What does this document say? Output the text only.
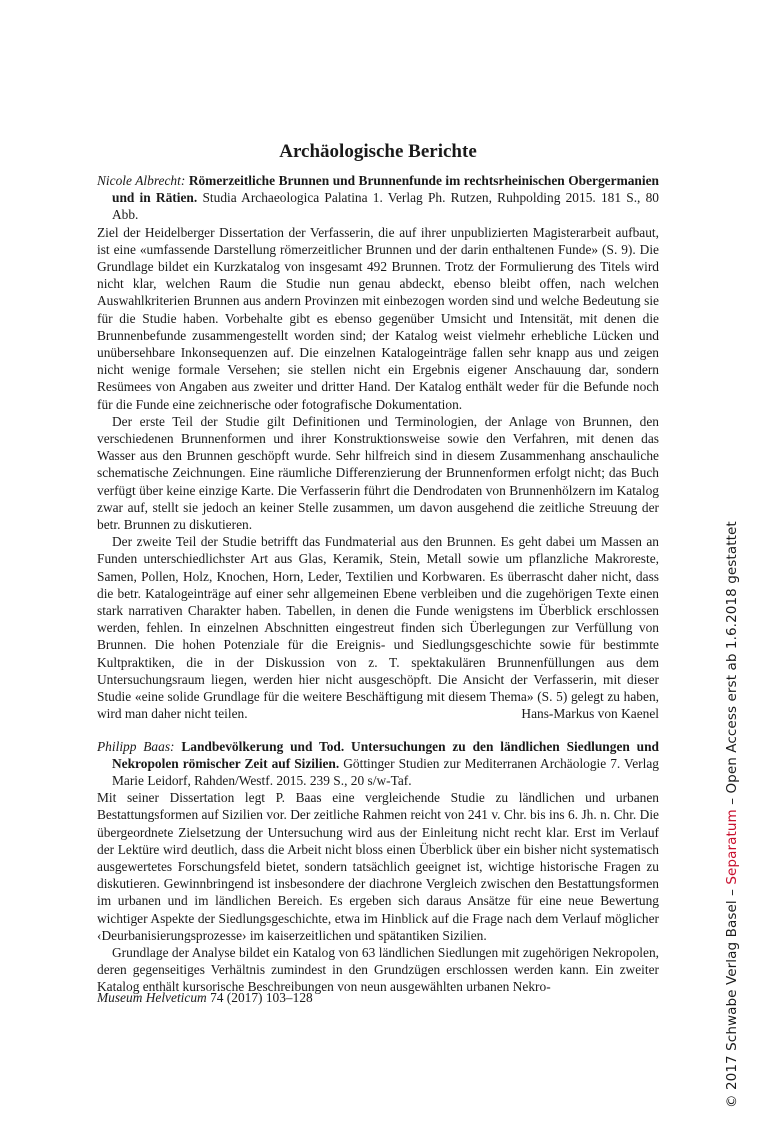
Archäologische Berichte

Nicole Albrecht: Römerzeitliche Brunnen und Brunnenfunde im rechtsrheinischen Obergermanien und in Rätien. Studia Archaeologica Palatina 1. Verlag Ph. Rutzen, Ruhpolding 2015. 181 S., 80 Abb.

Ziel der Heidelberger Dissertation der Verfasserin, die auf ihrer unpublizierten Magisterarbeit aufbaut, ist eine «umfassende Darstellung römerzeitlicher Brunnen und der darin enthaltenen Funde» (S. 9). Die Grundlage bildet ein Kurzkatalog von insgesamt 492 Brunnen. Trotz der Formulierung des Titels wird nicht klar, welchen Raum die Studie nun genau abdeckt, ebenso bleibt offen, nach welchen Auswahlkriterien Brunnen aus andern Provinzen mit einbezogen worden sind und welche Bedeutung sie für die Studie haben. Vorbehalte gibt es ebenso gegenüber Umsicht und Intensität, mit denen die Brunnenbefunde zusammengestellt worden sind; der Katalog weist vielmehr erhebliche Lücken und unübersehbare Inkonsequenzen auf. Die einzelnen Katalogeinträge fallen sehr knapp aus und zeigen nicht wenige formale Versehen; sie stellen nicht ein Ergebnis eigener Anschauung dar, sondern Resümees von Angaben aus zweiter und dritter Hand. Der Katalog enthält weder für die Befunde noch für die Funde eine zeichnerische oder fotografische Dokumentation.

Der erste Teil der Studie gilt Definitionen und Terminologien, der Anlage von Brunnen, den verschiedenen Brunnenformen und ihrer Konstruktionsweise sowie den Verfahren, mit denen das Wasser aus den Brunnen geschöpft wurde. Sehr hilfreich sind in diesem Zusammenhang anschauliche schematische Zeichnungen. Eine räumliche Differenzierung der Brunnenformen erfolgt nicht; das Buch verfügt über keine einzige Karte. Die Verfasserin führt die Dendrodaten von Brunnenhölzern im Katalog zwar auf, stellt sie jedoch an keiner Stelle zusammen, um davon ausgehend die zeitliche Streuung der betr. Brunnen zu diskutieren.

Der zweite Teil der Studie betrifft das Fundmaterial aus den Brunnen. Es geht dabei um Massen an Funden unterschiedlichster Art aus Glas, Keramik, Stein, Metall sowie um pflanzliche Makroreste, Samen, Pollen, Holz, Knochen, Horn, Leder, Textilien und Korbwaren. Es überrascht daher nicht, dass die betr. Katalogeinträge auf einer sehr allgemeinen Ebene verbleiben und die zugehörigen Texte einen stark narrativen Charakter haben. Tabellen, in denen die Funde wenigstens im Überblick erschlossen werden, fehlen. In einzelnen Abschnitten eingestreut finden sich Überlegungen zur Verfüllung von Brunnen. Die hohen Potenziale für die Ereignis- und Siedlungsgeschichte sowie für bestimmte Kultpraktiken, die in der Diskussion von z. T. spektakulären Brunnenfüllungen aus dem Untersuchungsraum liegen, werden hier nicht ausgeschöpft. Die Ansicht der Verfasserin, mit dieser Studie «eine solide Grundlage für die weitere Beschäftigung mit diesem Thema» (S. 5) gelegt zu haben, wird man daher nicht teilen.	Hans-Markus von Kaenel

Philipp Baas: Landbevölkerung und Tod. Untersuchungen zu den ländlichen Siedlungen und Nekropolen römischer Zeit auf Sizilien. Göttinger Studien zur Mediterranen Archäologie 7. Verlag Marie Leidorf, Rahden/Westf. 2015. 239 S., 20 s/w-Taf.

Mit seiner Dissertation legt P. Baas eine vergleichende Studie zu ländlichen und urbanen Bestattungsformen auf Sizilien vor. Der zeitliche Rahmen reicht von 241 v. Chr. bis ins 6. Jh. n. Chr. Die übergeordnete Zielsetzung der Untersuchung wird aus der Einleitung nicht recht klar. Erst im Verlauf der Lektüre wird deutlich, dass die Arbeit nicht bloss einen Überblick über ein bisher nicht systematisch ausgewertetes Forschungsfeld bietet, sondern tatsächlich geeignet ist, wichtige historische Fragen zu diskutieren. Gewinnbringend ist insbesondere der diachrone Vergleich zwischen den Bestattungsformen im urbanen und im ländlichen Bereich. Es ergeben sich daraus Ansätze für eine neue Bewertung wichtiger Aspekte der Siedlungsgeschichte, etwa im Hinblick auf die Frage nach dem Verlauf möglicher ‹Deurbanisierungsprozesse› im kaiserzeitlichen und spätantiken Sizilien.

Grundlage der Analyse bildet ein Katalog von 63 ländlichen Siedlungen mit zugehörigen Nekropolen, deren gegenseitiges Verhältnis zumindest in den Grundzügen erschlossen werden kann. Ein zweiter Katalog enthält kursorische Beschreibungen von neun ausgewählten urbanen Nekro-

Museum Helveticum 74 (2017) 103–128	© 2017 Schwabe Verlag Basel – Separatum – Open Access erst ab 1.6.2018 gestattet
